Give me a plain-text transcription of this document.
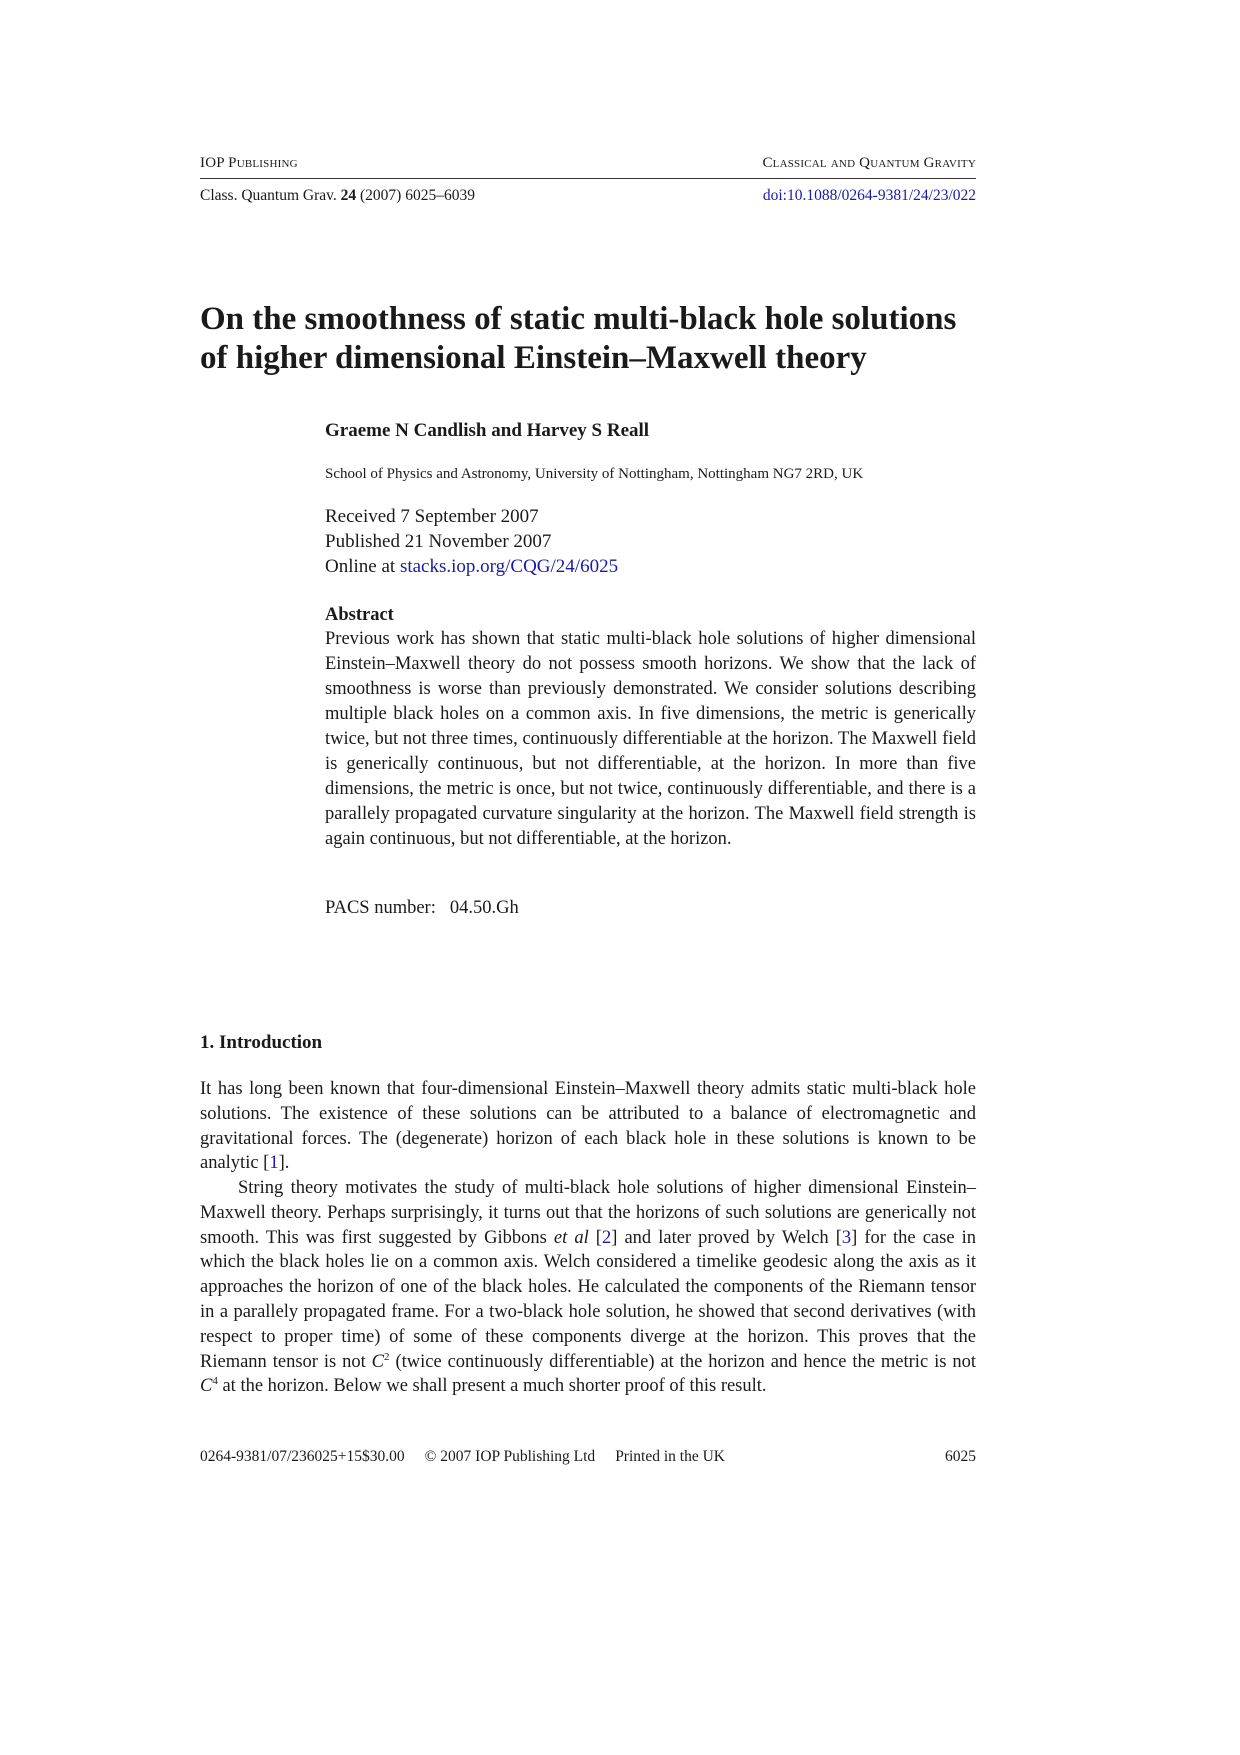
IOP Publishing	Classical and Quantum Gravity
Class. Quantum Grav. 24 (2007) 6025–6039	doi:10.1088/0264-9381/24/23/022
On the smoothness of static multi-black hole solutions
of higher dimensional Einstein–Maxwell theory

Graeme N Candlish and Harvey S Reall

School of Physics and Astronomy, University of Nottingham, Nottingham NG7 2RD, UK
Received 7 September 2007
Published 21 November 2007
Online at stacks.iop.org/CQG/24/6025
Abstract

Previous work has shown that static multi-black hole solutions of higher dimensional Einstein–Maxwell theory do not possess smooth horizons. We show that the lack of smoothness is worse than previously demonstrated. We consider solutions describing multiple black holes on a common axis. In five dimensions, the metric is generically twice, but not three times, continuously differentiable at the horizon. The Maxwell field is generically continuous, but not differentiable, at the horizon. In more than five dimensions, the metric is once, but not twice, continuously differentiable, and there is a parallely propagated curvature singularity at the horizon. The Maxwell field strength is again continuous, but not differentiable, at the horizon.

PACS number: 04.50.Gh
1. Introduction

It has long been known that four-dimensional Einstein–Maxwell theory admits static multi-black hole solutions. The existence of these solutions can be attributed to a balance of electromagnetic and gravitational forces. The (degenerate) horizon of each black hole in these solutions is known to be analytic [1].

String theory motivates the study of multi-black hole solutions of higher dimensional Einstein–Maxwell theory. Perhaps surprisingly, it turns out that the horizons of such solutions are generically not smooth. This was first suggested by Gibbons et al [2] and later proved by Welch [3] for the case in which the black holes lie on a common axis. Welch considered a timelike geodesic along the axis as it approaches the horizon of one of the black holes. He calculated the components of the Riemann tensor in a parallely propagated frame. For a two-black hole solution, he showed that second derivatives (with respect to proper time) of some of these components diverge at the horizon. This proves that the Riemann tensor is not $C^2$ (twice continuously differentiable) at the horizon and hence the metric is not $C^4$ at the horizon. Below we shall present a much shorter proof of this result.

0264-9381/07/236025+15$30.00 © 2007 IOP Publishing Ltd Printed in the UK	6025
